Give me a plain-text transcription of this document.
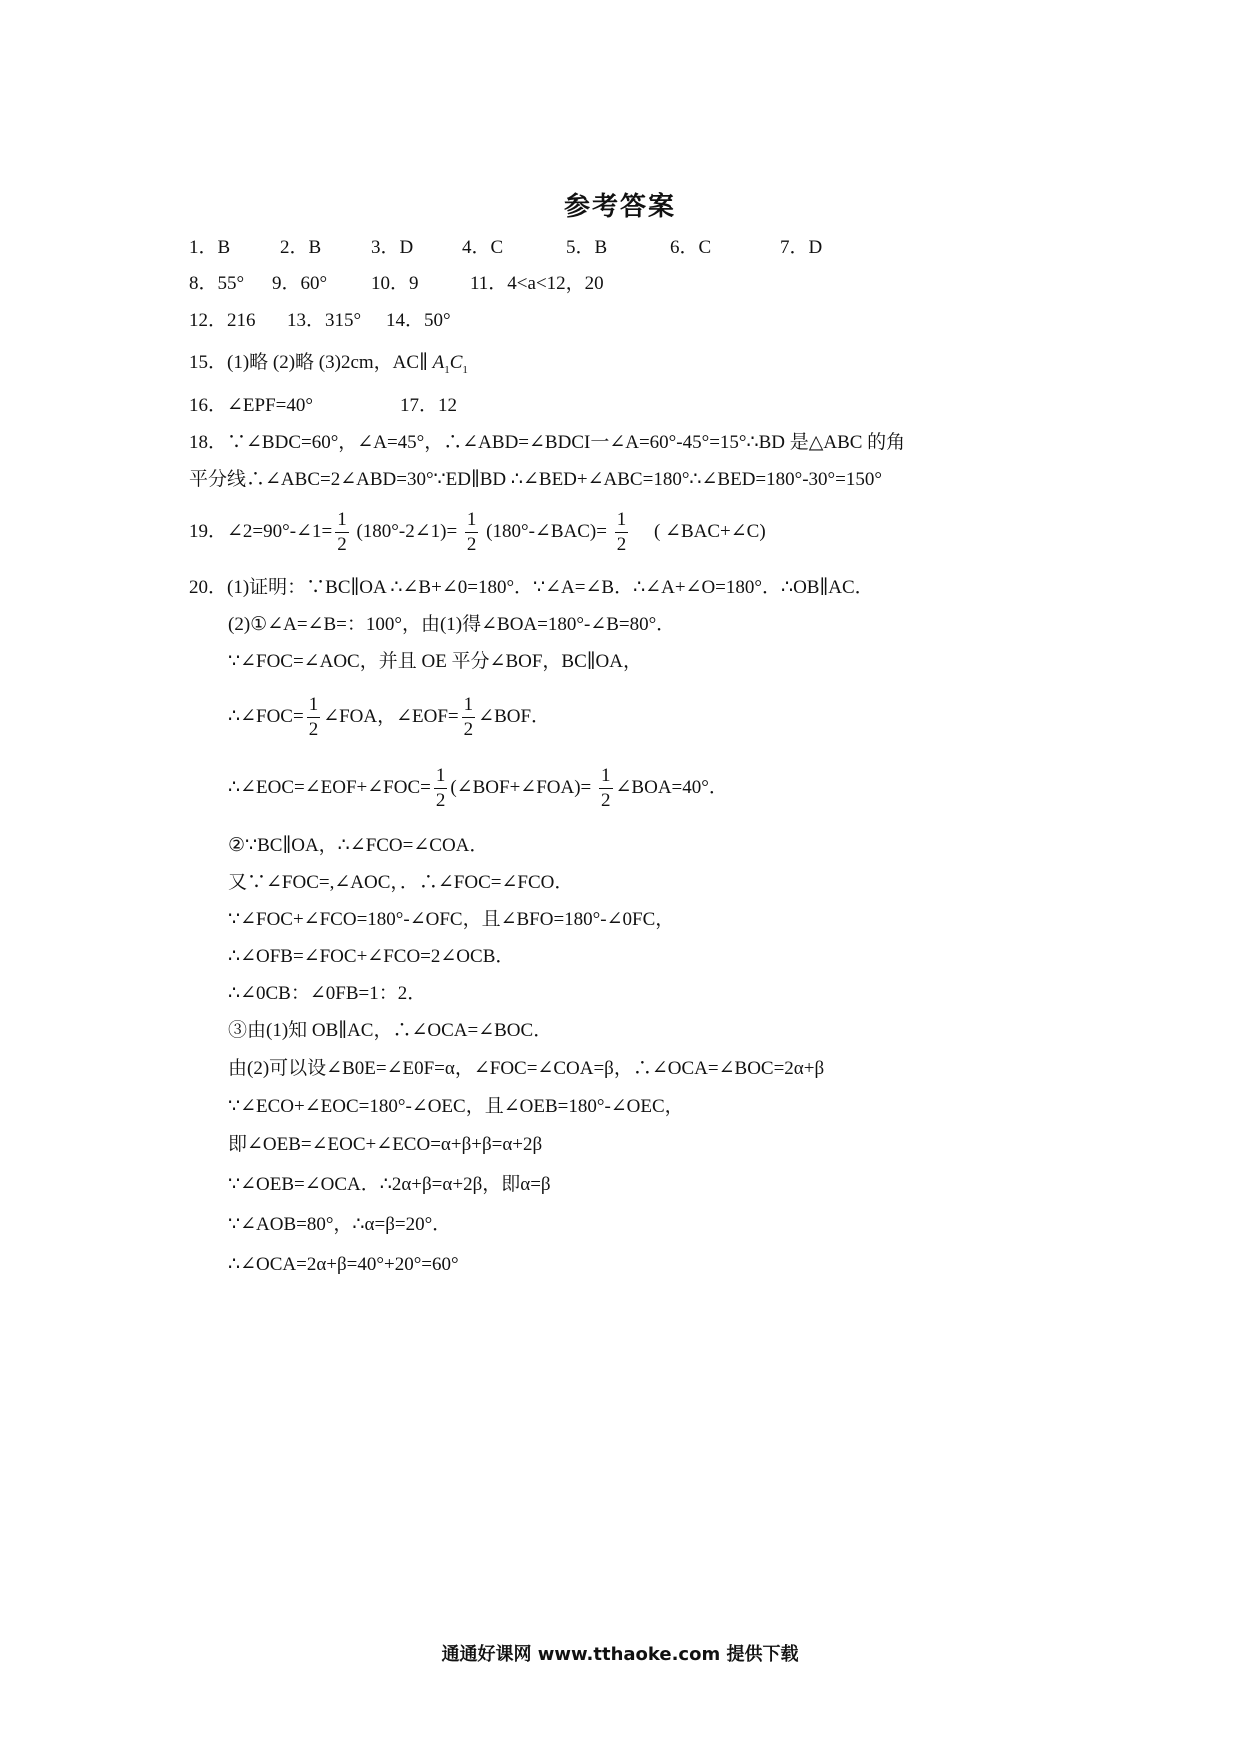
参考答案
1．B	2．B	3．D	4．C	5．B	6．C	7．D
8．55° 9．60° 10．9	11．4<a<12，20
12．216 13．315° 14．50°
15．(1)略 (2)略 (3)2cm，AC∥ $A_1C_1$
16．∠EPF=40°	17．12
18．∵∠BDC=60°，∠A=45°，∴∠ABD=∠BDCI一∠A=60°-45°=15°∴BD 是△ABC 的角
平分线∴∠ABC=2∠ABD=30°∵ED∥BD ∴∠BED+∠ABC=180°∴∠BED=180°-30°=150°
19．∠2=90°-∠1= $\frac{1}{2}$ (180°-2∠1)= $\frac{1}{2}$ (180°-∠BAC)= $\frac{1}{2}$ ( ∠BAC+∠C)
20．(1)证明：∵BC∥OA ∴∠B+∠0=180°．∵∠A=∠B．∴∠A+∠O=180°．∴OB∥AC．
(2)①∠A=∠B=：100°，由(1)得∠BOA=180°-∠B=80°．
∵∠FOC=∠AOC，并且 OE 平分∠BOF，BC∥OA，
∴∠FOC= $\frac{1}{2}$ ∠FOA，∠EOF= $\frac{1}{2}$ ∠BOF．
∴∠EOC=∠EOF+∠FOC= $\frac{1}{2}$ (∠BOF+∠FOA)= $\frac{1}{2}$ ∠BOA=40°．
②∵BC∥OA，∴∠FCO=∠COA．
又∵∠FOC=,∠AOC，．∴∠FOC=∠FCO．
∵∠FOC+∠FCO=180°-∠OFC，且∠BFO=180°-∠0FC，
∴∠OFB=∠FOC+∠FCO=2∠OCB．
∴∠0CB：∠0FB=1：2．
③由(1)知 OB∥AC，∴∠OCA=∠BOC．
由(2)可以设∠B0E=∠E0F=α，∠FOC=∠COA=β，∴∠OCA=∠BOC=2α+β
∵∠ECO+∠EOC=180°-∠OEC，且∠OEB=180°-∠OEC，
即∠OEB=∠EOC+∠ECO=α+β+β=α+2β
∵∠OEB=∠OCA．∴2α+β=α+2β，即α=β
∵∠AOB=80°，∴α=β=20°．
∴∠OCA=2α+β=40°+20°=60°
通通好课网 www.tthaoke.com 提供下载
